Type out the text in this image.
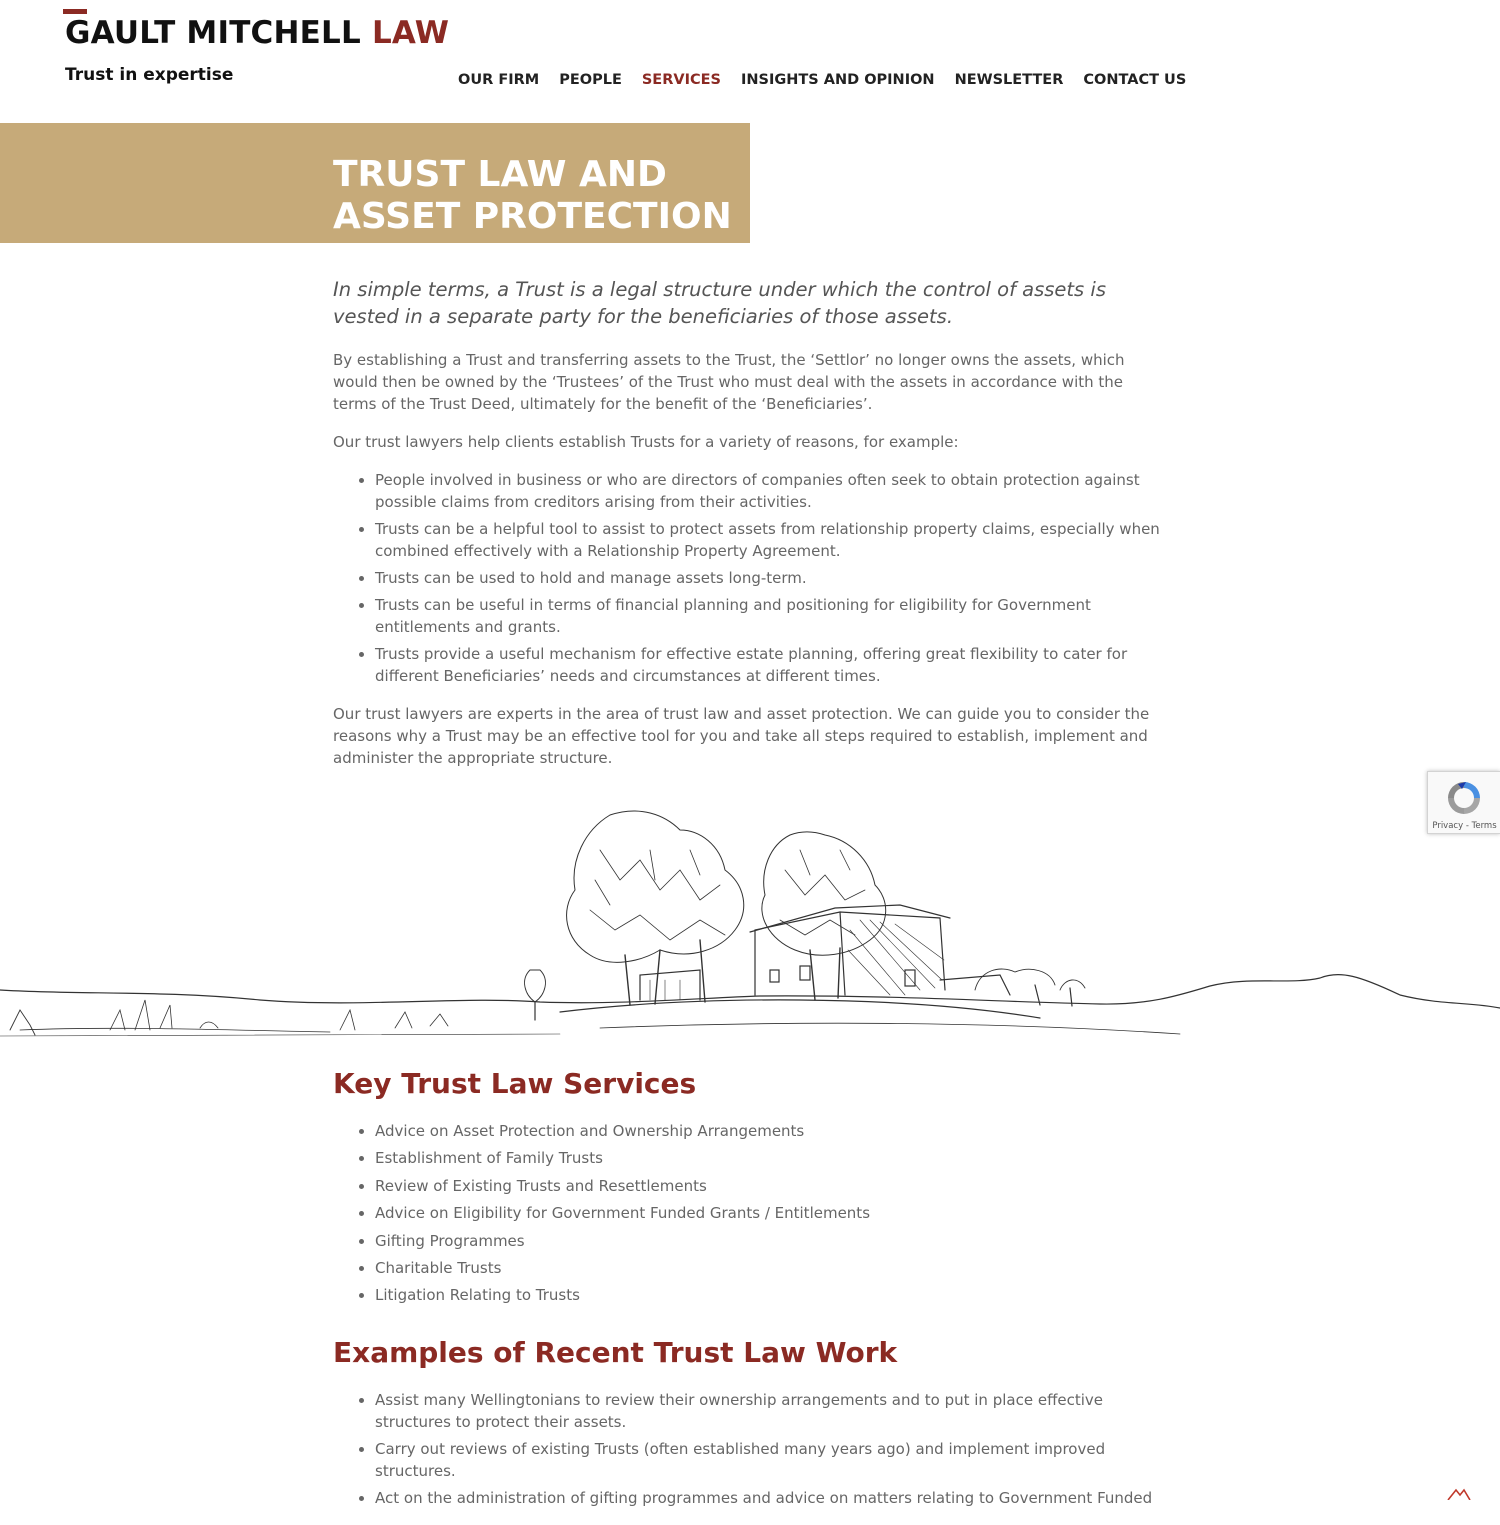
GAULT MITCHELL LAW

Trust in expertise	OUR FIRM PEOPLE SERVICES INSIGHTS AND OPINION NEWSLETTER CONTACT US
TRUST LAW AND ASSET PROTECTION

In simple terms, a Trust is a legal structure under which the control of assets is vested in a separate party for the beneficiaries of those assets.

By establishing a Trust and transferring assets to the Trust, the ‘Settlor’ no longer owns the assets, which would then be owned by the ‘Trustees’ of the Trust who must deal with the assets in accordance with the terms of the Trust Deed, ultimately for the benefit of the ‘Beneficiaries’.

Our trust lawyers help clients establish Trusts for a variety of reasons, for example:

• People involved in business or who are directors of companies often seek to obtain protection against possible claims from creditors arising from their activities.
• Trusts can be a helpful tool to assist to protect assets from relationship property claims, especially when combined effectively with a Relationship Property Agreement.
• Trusts can be used to hold and manage assets long-term.
• Trusts can be useful in terms of financial planning and positioning for eligibility for Government entitlements and grants.
• Trusts provide a useful mechanism for effective estate planning, offering great flexibility to cater for different Beneficiaries’ needs and circumstances at different times.

Our trust lawyers are experts in the area of trust law and asset protection. We can guide you to consider the reasons why a Trust may be an effective tool for you and take all steps required to establish, implement and administer the appropriate structure.

Key Trust Law Services
• Advice on Asset Protection and Ownership Arrangements
• Establishment of Family Trusts
• Review of Existing Trusts and Resettlements
• Advice on Eligibility for Government Funded Grants / Entitlements
• Gifting Programmes
• Charitable Trusts
• Litigation Relating to Trusts
Examples of Recent Trust Law Work
• Assist many Wellingtonians to review their ownership arrangements and to put in place effective structures to protect their assets.
• Carry out reviews of existing Trusts (often established many years ago) and implement improved structures.
• Act on the administration of gifting programmes and advice on matters relating to Government Funded
Privacy - Terms
